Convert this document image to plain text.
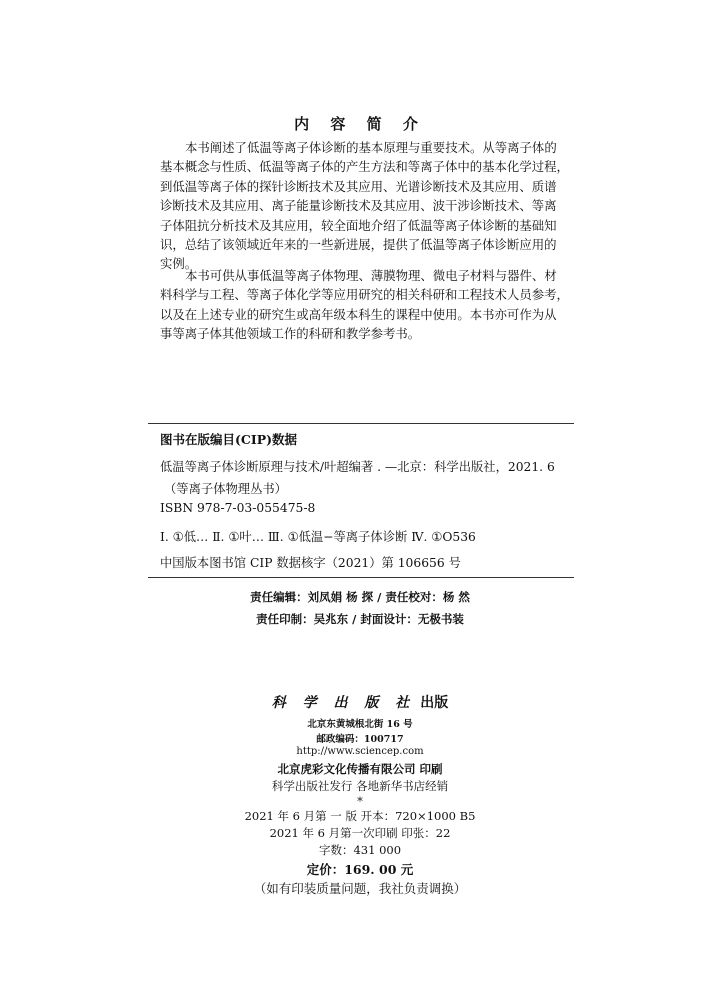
内 容 简 介
本书阐述了低温等离子体诊断的基本原理与重要技术。从等离子体的
基本概念与性质、低温等离子体的产生方法和等离子体中的基本化学过程，
到低温等离子体的探针诊断技术及其应用、光谱诊断技术及其应用、质谱
诊断技术及其应用、离子能量诊断技术及其应用、波干涉诊断技术、等离
子体阻抗分析技术及其应用，较全面地介绍了低温等离子体诊断的基础知
识，总结了该领域近年来的一些新进展，提供了低温等离子体诊断应用的
实例。
本书可供从事低温等离子体物理、薄膜物理、微电子材料与器件、材
料科学与工程、等离子体化学等应用研究的相关科研和工程技术人员参考，
以及在上述专业的研究生或高年级本科生的课程中使用。本书亦可作为从
事等离子体其他领域工作的科研和教学参考书。
图书在版编目(CIP)数据
低温等离子体诊断原理与技术/叶超编著 . —北京：科学出版社，2021. 6
（等离子体物理丛书）
ISBN 978-7-03-055475-8
Ⅰ. ①低… Ⅱ. ①叶… Ⅲ. ①低温−等离子体诊断 Ⅳ. ①O536
中国版本图书馆 CIP 数据核字（2021）第 106656 号
责任编辑：刘凤娟 杨 探 / 责任校对：杨 然
责任印制：吴兆东 / 封面设计：无极书装
科 学 出 版 社 出版
北京东黄城根北街 16 号
邮政编码：100717
http://www.sciencep.com
北京虎彩文化传播有限公司 印刷
科学出版社发行 各地新华书店经销
*
2021 年 6 月第 一 版 开本：720×1000 B5
2021 年 6 月第一次印刷 印张：22
字数：431 000
定价：169. 00 元
（如有印装质量问题，我社负责调换）
